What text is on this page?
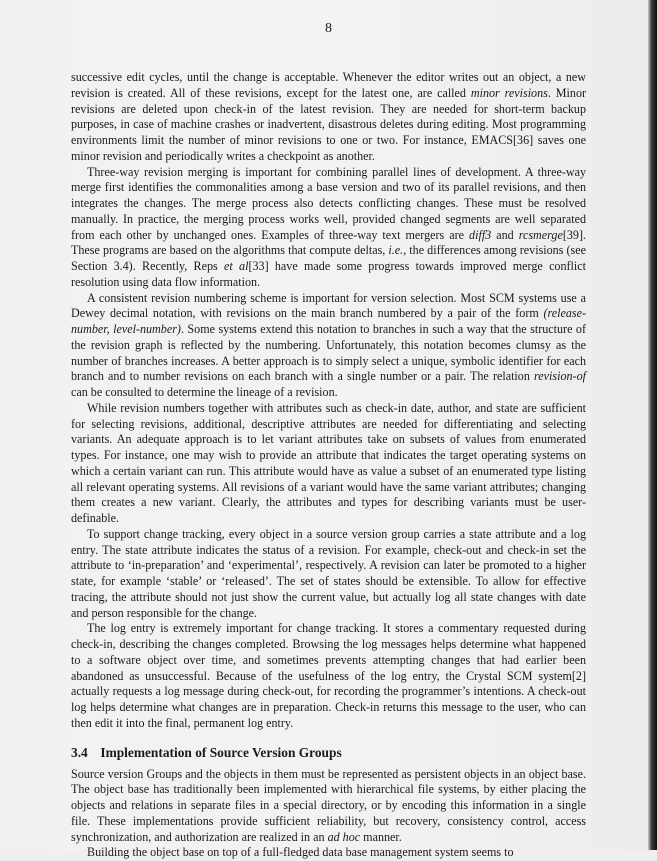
8

successive edit cycles, until the change is acceptable. Whenever the editor writes out an object, a new revision is created. All of these revisions, except for the latest one, are called minor revisions. Minor revisions are deleted upon check-in of the latest revision. They are needed for short-term backup purposes, in case of machine crashes or inadvertent, disastrous deletes during editing. Most programming environments limit the number of minor revisions to one or two. For instance, EMACS[36] saves one minor revision and periodically writes a checkpoint as another.

Three-way revision merging is important for combining parallel lines of development. A three-way merge first identifies the commonalities among a base version and two of its parallel revisions, and then integrates the changes. The merge process also detects conflicting changes. These must be resolved manually. In practice, the merging process works well, provided changed segments are well separated from each other by unchanged ones. Examples of three-way text mergers are diff3 and rcsmerge[39]. These programs are based on the algorithms that compute deltas, i.e., the differences among revisions (see Section 3.4). Recently, Reps et al[33] have made some progress towards improved merge conflict resolution using data flow information.

A consistent revision numbering scheme is important for version selection. Most SCM systems use a Dewey decimal notation, with revisions on the main branch numbered by a pair of the form (release-number, level-number). Some systems extend this notation to branches in such a way that the structure of the revision graph is reflected by the numbering. Unfortunately, this notation becomes clumsy as the number of branches increases. A better approach is to simply select a unique, symbolic identifier for each branch and to number revisions on each branch with a single number or a pair. The relation revision-of can be consulted to determine the lineage of a revision.

While revision numbers together with attributes such as check-in date, author, and state are sufficient for selecting revisions, additional, descriptive attributes are needed for differentiating and selecting variants. An adequate approach is to let variant attributes take on subsets of values from enumerated types. For instance, one may wish to provide an attribute that indicates the target operating systems on which a certain variant can run. This attribute would have as value a subset of an enumerated type listing all relevant operating systems. All revisions of a variant would have the same variant attributes; changing them creates a new variant. Clearly, the attributes and types for describing variants must be user-definable.

To support change tracking, every object in a source version group carries a state attribute and a log entry. The state attribute indicates the status of a revision. For example, check-out and check-in set the attribute to ‘in-preparation’ and ‘experimental’, respectively. A revision can later be promoted to a higher state, for example ‘stable’ or ‘released’. The set of states should be extensible. To allow for effective tracing, the attribute should not just show the current value, but actually log all state changes with date and person responsible for the change.

The log entry is extremely important for change tracking. It stores a commentary requested during check-in, describing the changes completed. Browsing the log messages helps determine what happened to a software object over time, and sometimes prevents attempting changes that had earlier been abandoned as unsuccessful. Because of the usefulness of the log entry, the Crystal SCM system[2] actually requests a log message during check-out, for recording the programmer’s intentions. A check-out log helps determine what changes are in preparation. Check-in returns this message to the user, who can then edit it into the final, permanent log entry.

3.4 Implementation of Source Version Groups

Source version Groups and the objects in them must be represented as persistent objects in an object base. The object base has traditionally been implemented with hierarchical file systems, by either placing the objects and relations in separate files in a special directory, or by encoding this information in a single file. These implementations provide sufficient reliability, but recovery, consistency control, access synchronization, and authorization are realized in an ad hoc manner.

Building the object base on top of a full-fledged data base management system seems to
